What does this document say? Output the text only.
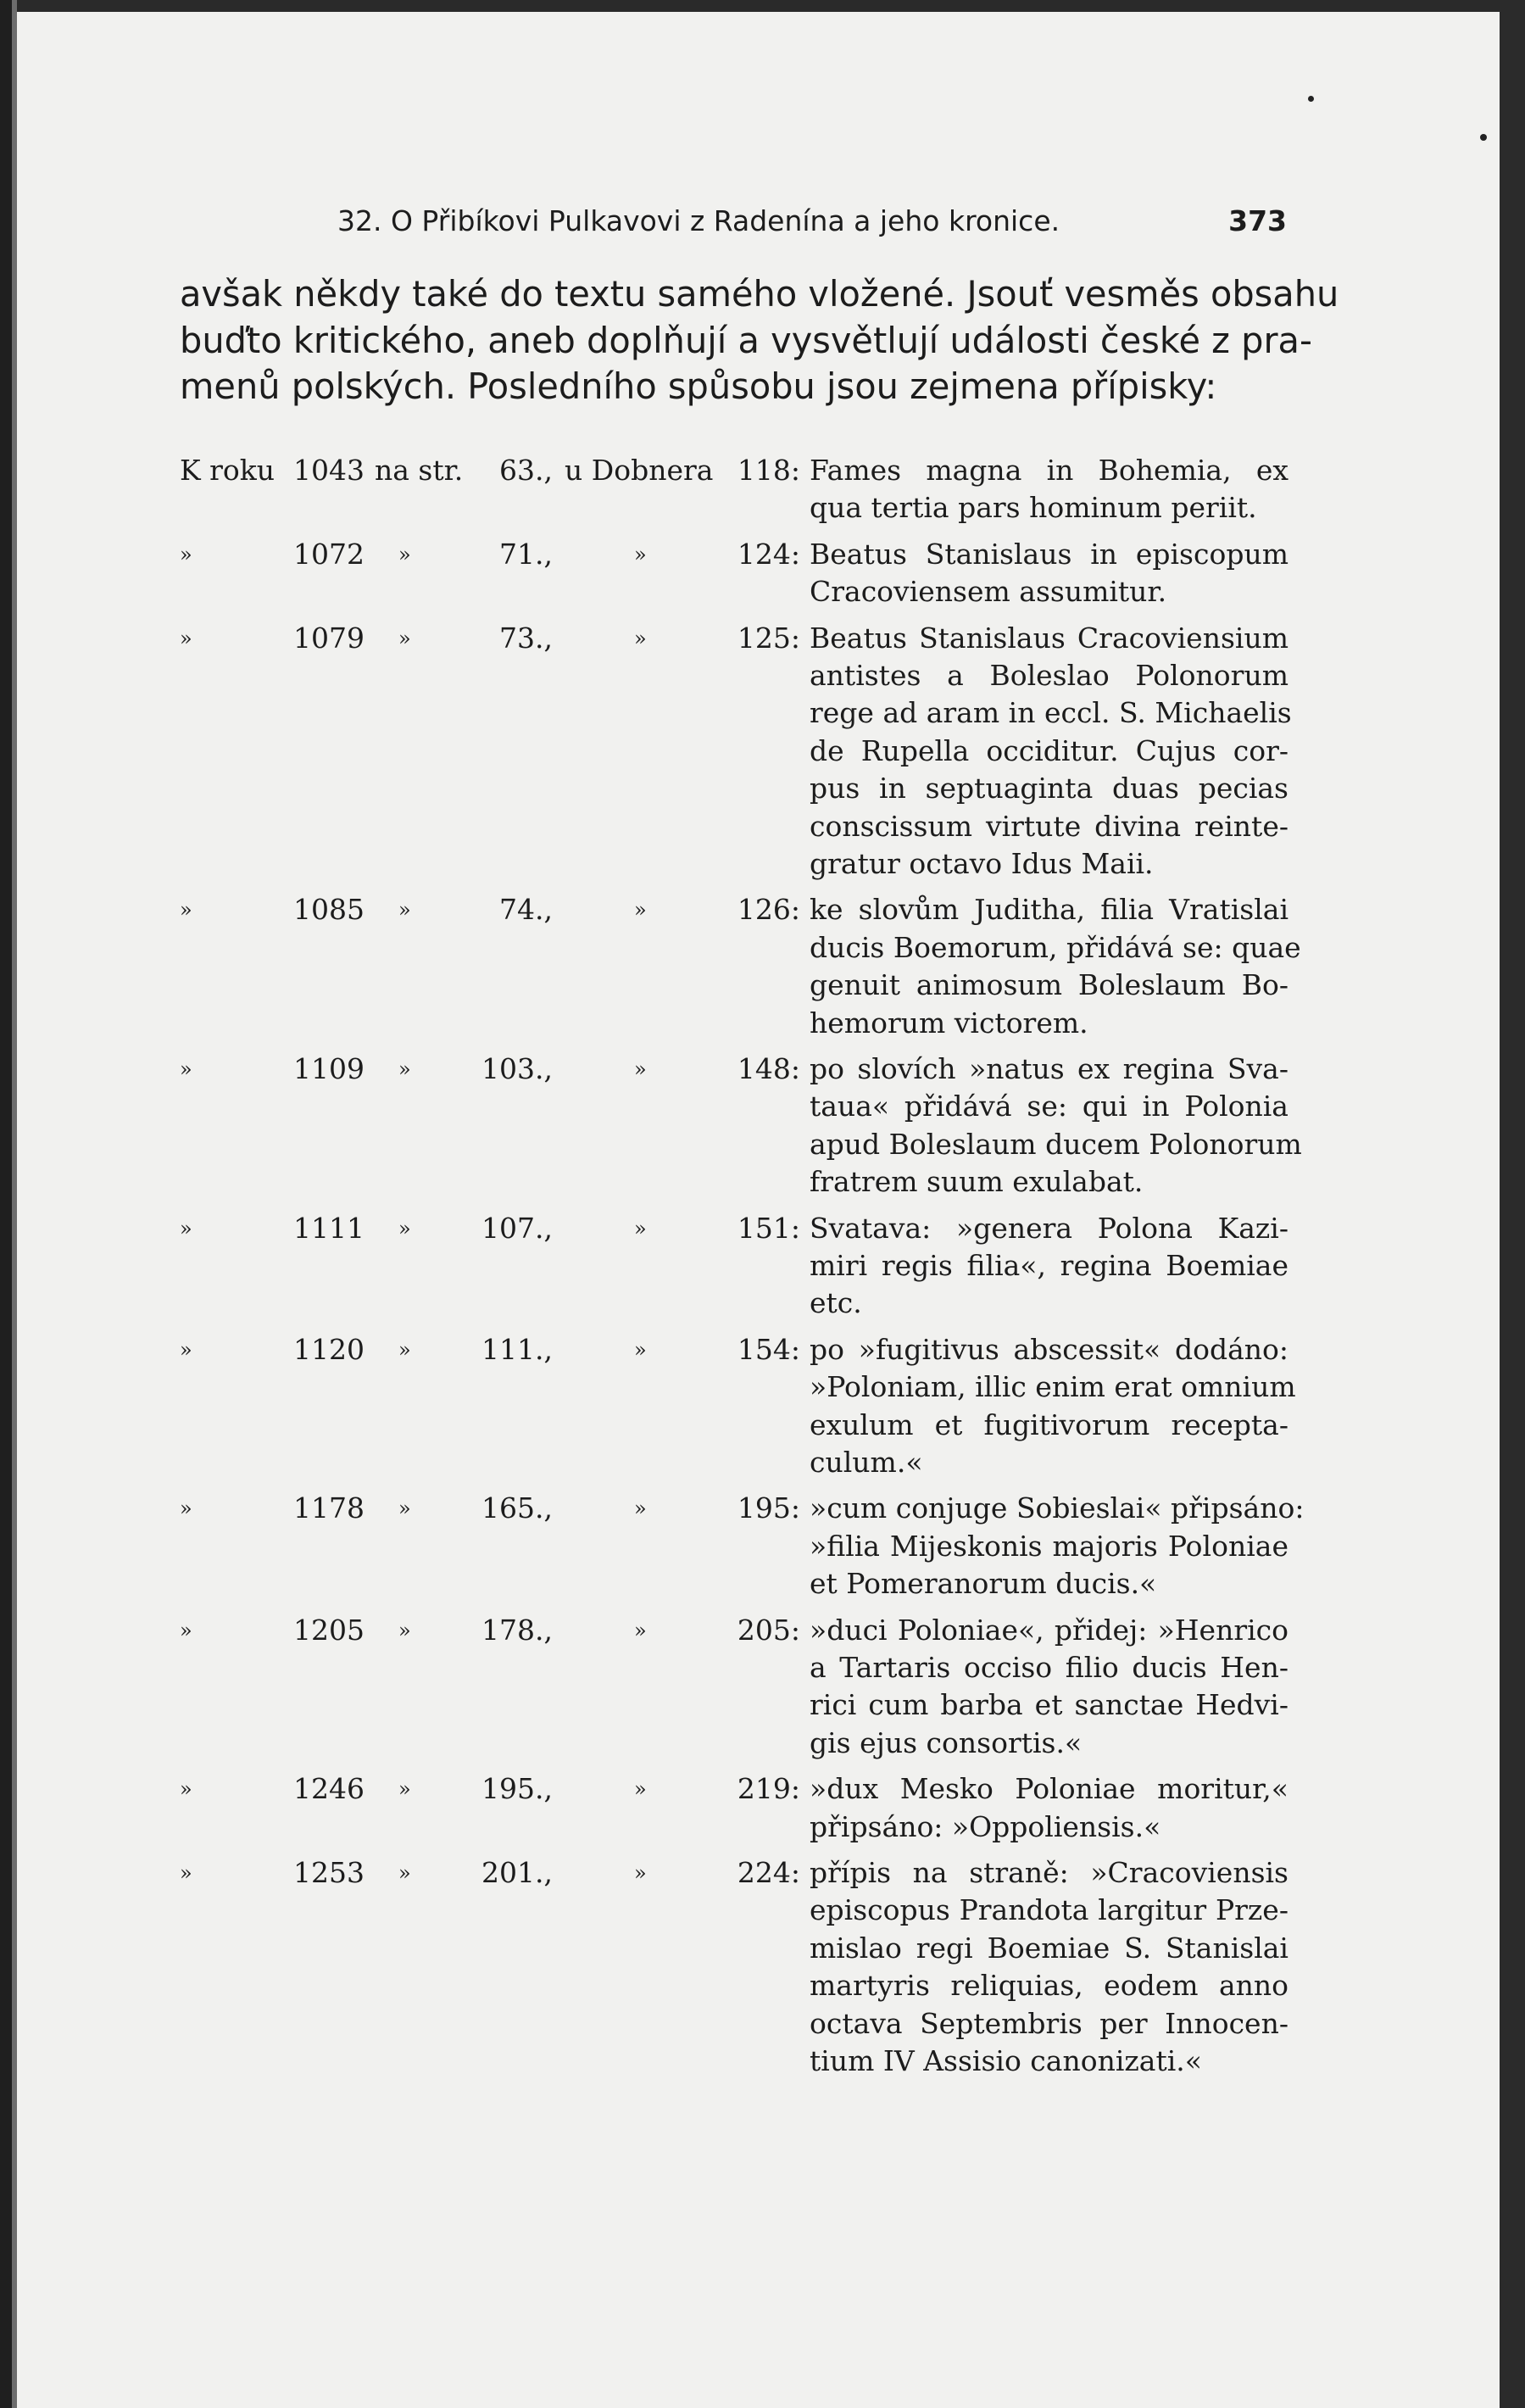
32. O Přibíkovi Pulkavovi z Radenína a jeho kronice.	373
avšak někdy také do textu samého vložené. Jsouť vesměs obsahu
buďto kritického, aneb doplňují a vysvětlují události české z pra-
menů polských. Posledního spůsobu jsou zejmena přípisky:
K roku 1043 na str.	63., u Dobnera 118: Fames magna in Bohemia, ex
qua tertia pars hominum periit.
»	1072 »	71.,	»	124: Beatus Stanislaus in episcopum
Cracoviensem assumitur.
»	1079 »	73.,	»	125: Beatus Stanislaus Cracoviensium
antistes a Boleslao Polonorum
rege ad aram in eccl. S. Michaelis
de Rupella occiditur. Cujus cor-
pus in septuaginta duas pecias
conscissum virtute divina reinte-
gratur octavo Idus Maii.
»	1085 »	74.,	»	126: ke slovům Juditha, filia Vratislai
ducis Boemorum, přidává se: quae
genuit animosum Boleslaum Bo-
hemorum victorem.
»	1109 »	103.,	»	148: po slovích »natus ex regina Sva-
taua« přidává se: qui in Polonia
apud Boleslaum ducem Polonorum
fratrem suum exulabat.
»	1111 »	107.,	»	151: Svatava: »genera Polona Kazi-
miri regis filia«, regina Boemiae
etc.
»	1120 »	111.,	»	154: po »fugitivus abscessit« dodáno:
»Poloniam, illic enim erat omnium
exulum et fugitivorum recepta-
culum.«
»	1178 »	165.,	»	195: »cum conjuge Sobieslai« připsáno:
»filia Mijeskonis majoris Poloniae
et Pomeranorum ducis.«
»	1205 »	178.,	»	205: »duci Poloniae«, přidej: »Henrico
a Tartaris occiso filio ducis Hen-
rici cum barba et sanctae Hedvi-
gis ejus consortis.«
»	1246 »	195.,	»	219: »dux Mesko Poloniae moritur,«
připsáno: »Oppoliensis.«
»	1253 »	201.,	»	224: přípis na straně: »Cracoviensis
episcopus Prandota largitur Prze-
mislao regi Boemiae S. Stanislai
martyris reliquias, eodem anno
octava Septembris per Innocen-
tium IV Assisio canonizati.«
